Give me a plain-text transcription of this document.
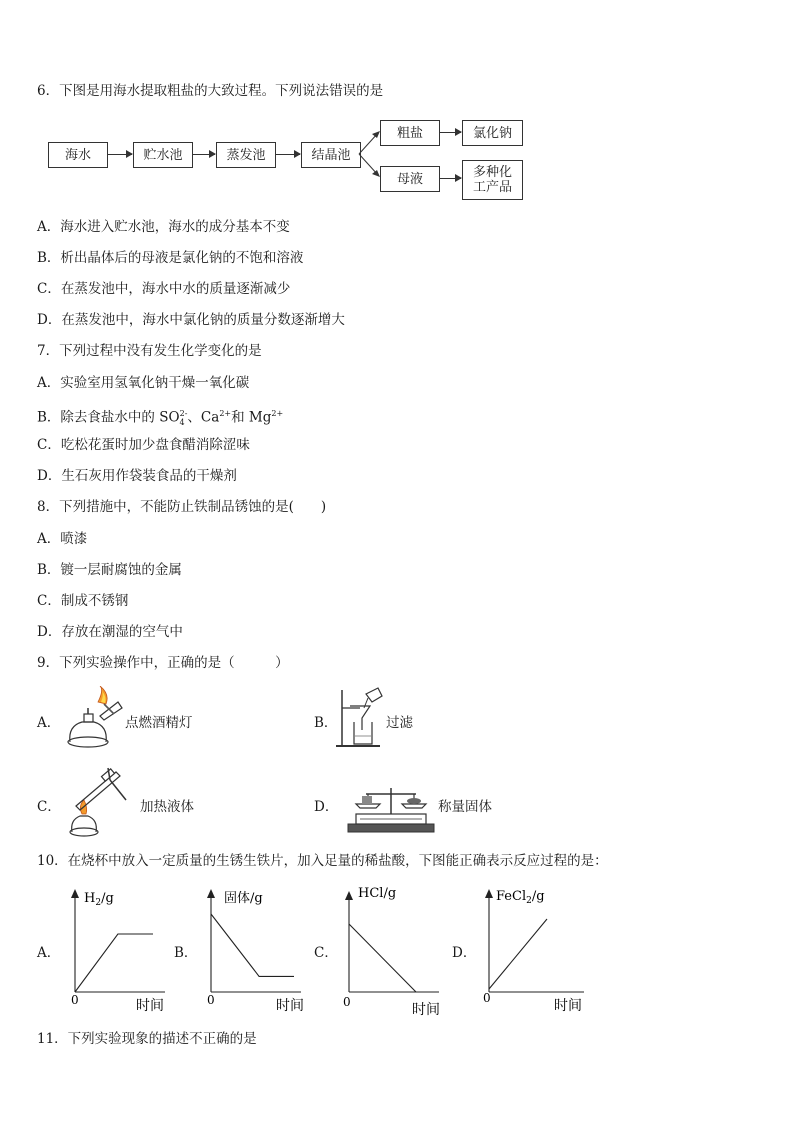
6．下图是用海水提取粗盐的大致过程。下列说法错误的是
海水	贮水池	蒸发池	结晶池
粗盐	氯化钠
母液	多种化
工产品
A．海水进入贮水池，海水的成分基本不变
B．析出晶体后的母液是氯化钠的不饱和溶液
C．在蒸发池中，海水中水的质量逐渐减少
D．在蒸发池中，海水中氯化钠的质量分数逐渐增大
7．下列过程中没有发生化学变化的是
A．实验室用氢氧化钠干燥一氧化碳
B．除去食盐水中的 $SO_4^{2-}$、$Ca^{2+}$和 $Mg^{2+}$
C．吃松花蛋时加少盘食醋消除涩味
D．生石灰用作袋装食品的干燥剂
8．下列措施中，不能防止铁制品锈蚀的是(　　)
A．喷漆
B．镀一层耐腐蚀的金属
C．制成不锈钢
D．存放在潮湿的空气中
9．下列实验操作中，正确的是（　　　）
A．	点燃酒精灯	B．	过滤
C．	加热液体	D．	称量固体
10．在烧杯中放入一定质量的生锈生铁片，加入足量的稀盐酸，下图能正确表示反应过程的是：
A．
$H_2/g$
0	时间
B．
固体/g
0	时间
C．
HCl/g
0	时间
D．
FeCl$_2$/g
0	时间
11．下列实验现象的描述不正确的是
